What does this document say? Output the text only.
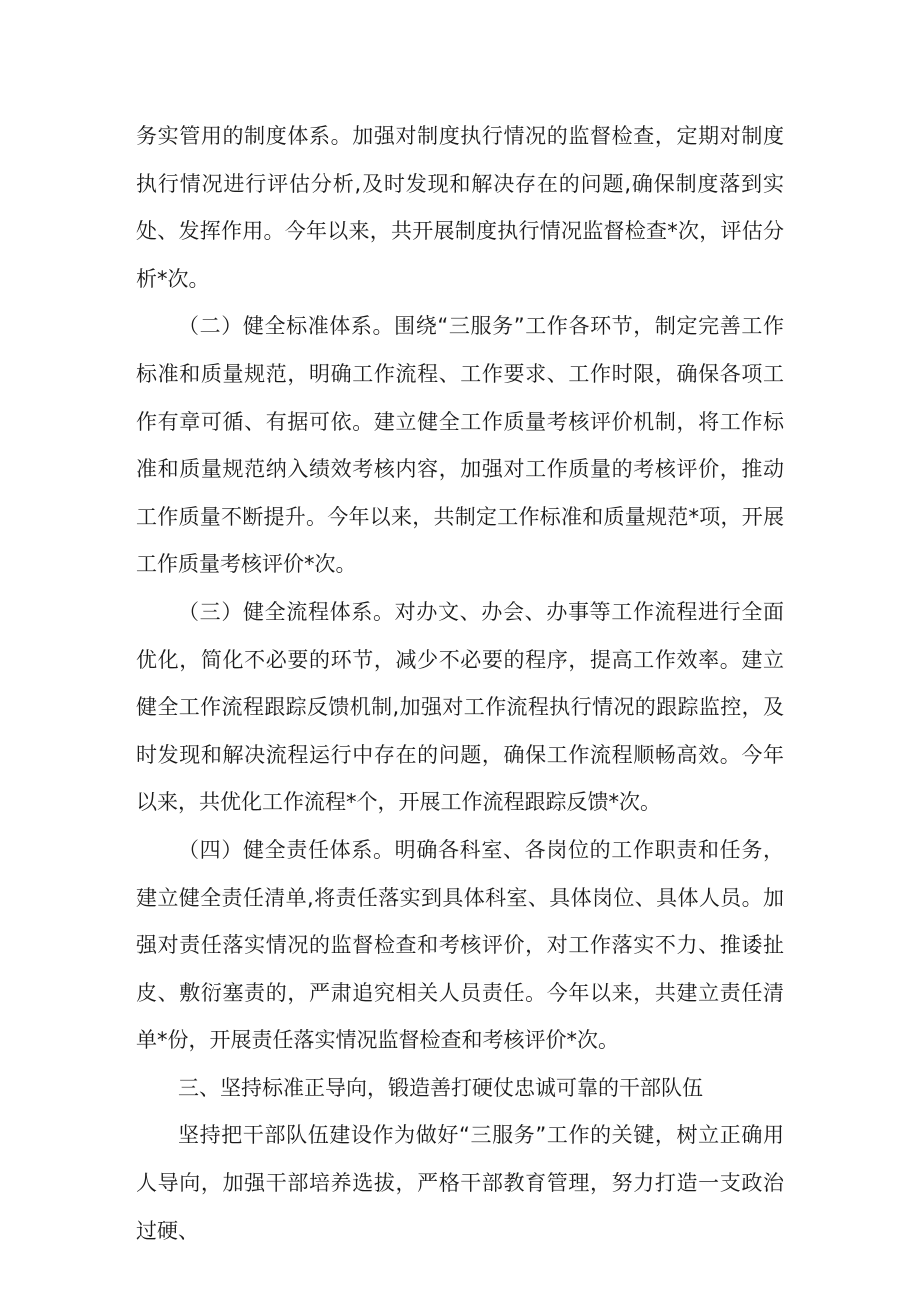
务实管用的制度体系。加强对制度执行情况的监督检查，定期对制度执行情况进行评估分析,及时发现和解决存在的问题,确保制度落到实处、发挥作用。今年以来，共开展制度执行情况监督检查*次，评估分析*次。

（二）健全标准体系。围绕“三服务”工作各环节，制定完善工作标准和质量规范，明确工作流程、工作要求、工作时限，确保各项工作有章可循、有据可依。建立健全工作质量考核评价机制，将工作标准和质量规范纳入绩效考核内容，加强对工作质量的考核评价，推动工作质量不断提升。今年以来，共制定工作标准和质量规范*项，开展工作质量考核评价*次。

（三）健全流程体系。对办文、办会、办事等工作流程进行全面优化，简化不必要的环节，减少不必要的程序，提高工作效率。建立健全工作流程跟踪反馈机制,加强对工作流程执行情况的跟踪监控，及时发现和解决流程运行中存在的问题，确保工作流程顺畅高效。今年以来，共优化工作流程*个，开展工作流程跟踪反馈*次。

（四）健全责任体系。明确各科室、各岗位的工作职责和任务，建立健全责任清单,将责任落实到具体科室、具体岗位、具体人员。加强对责任落实情况的监督检查和考核评价，对工作落实不力、推诿扯皮、敷衍塞责的，严肃追究相关人员责任。今年以来，共建立责任清单*份，开展责任落实情况监督检查和考核评价*次。

三、坚持标准正导向，锻造善打硬仗忠诚可靠的干部队伍

坚持把干部队伍建设作为做好“三服务”工作的关键，树立正确用人导向，加强干部培养选拔，严格干部教育管理，努力打造一支政治过硬、
